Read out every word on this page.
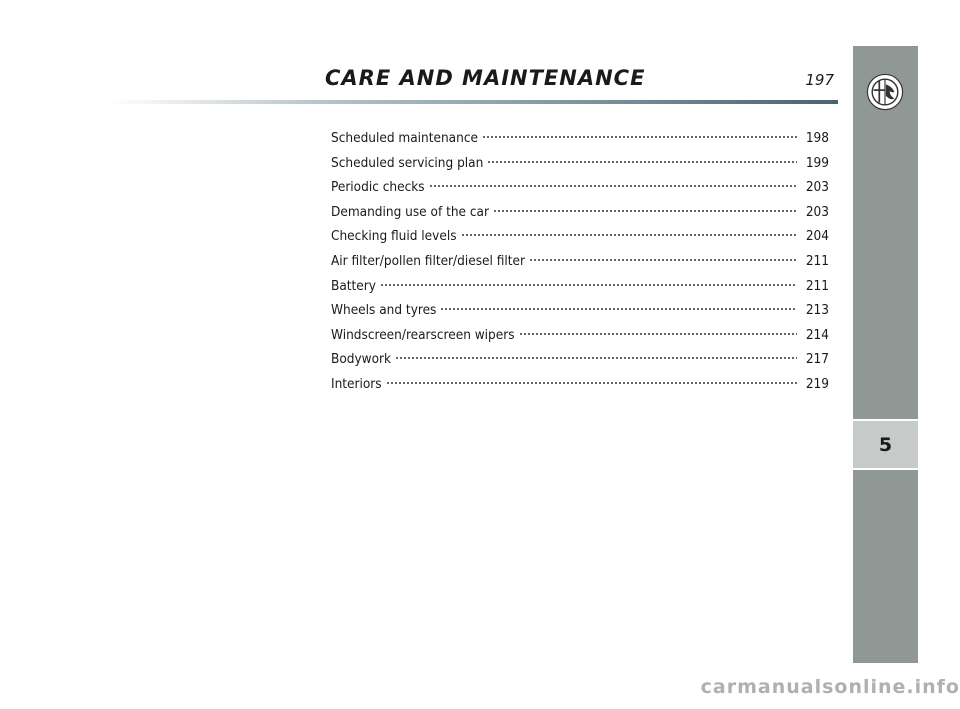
CARE AND MAINTENANCE	197
Scheduled maintenance	198
Scheduled servicing plan	199
Periodic checks	203
Demanding use of the car	203
Checking fluid levels	204
Air filter/pollen filter/diesel filter	211
Battery	211
Wheels and tyres	213
Windscreen/rearscreen wipers	214
Bodywork	217
Interiors	219
5
carmanualsonline.info
